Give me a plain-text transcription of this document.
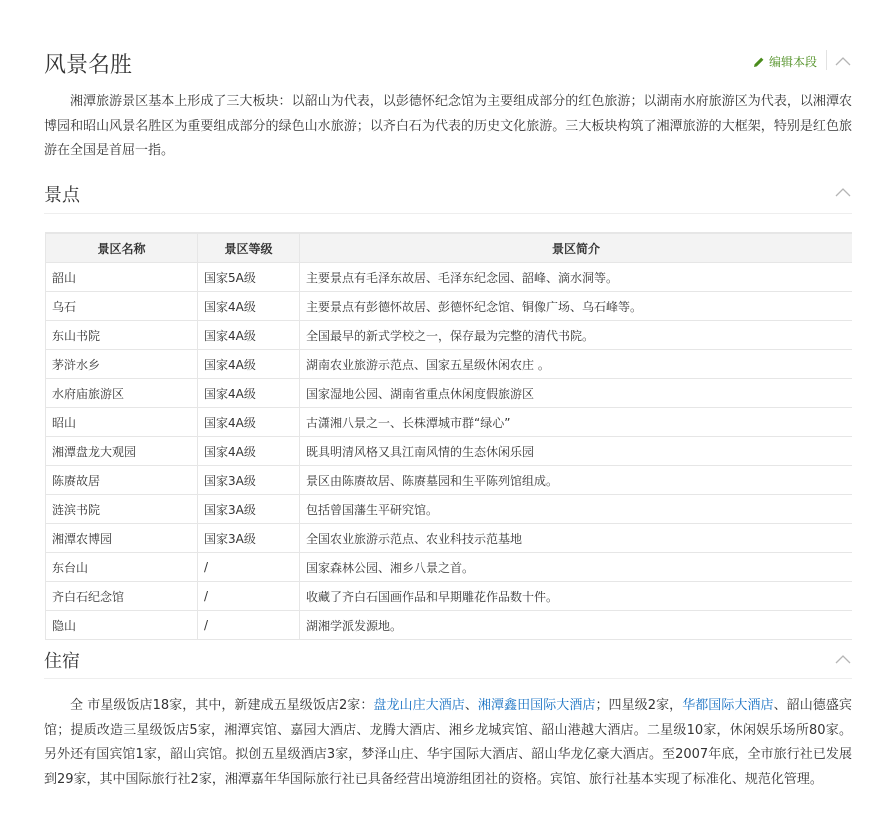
风景名胜	编辑本段

湘潭旅游景区基本上形成了三大板块：以韶山为代表，以彭德怀纪念馆为主要组成部分的红色旅游；以湖南水府旅游区为代表，以湘潭农博园和昭山风景名胜区为重要组成部分的绿色山水旅游；以齐白石为代表的历史文化旅游。三大板块构筑了湘潭旅游的大框架，特别是红色旅游在全国是首屈一指。

景点
景区名称	景区等级	景区简介
韶山	国家5A级	主要景点有毛泽东故居、毛泽东纪念园、韶峰、滴水洞等。
乌石	国家4A级	主要景点有彭德怀故居、彭德怀纪念馆、铜像广场、乌石峰等。
东山书院	国家4A级	全国最早的新式学校之一，保存最为完整的清代书院。
茅浒水乡	国家4A级	湖南农业旅游示范点、国家五星级休闲农庄 。
水府庙旅游区	国家4A级	国家湿地公园、湖南省重点休闲度假旅游区
昭山	国家4A级	古潇湘八景之一、长株潭城市群“绿心”
湘潭盘龙大观园	国家4A级	既具明清风格又具江南风情的生态休闲乐园
陈赓故居	国家3A级	景区由陈赓故居、陈赓墓园和生平陈列馆组成。
涟滨书院	国家3A级	包括曾国藩生平研究馆。
湘潭农博园	国家3A级	全国农业旅游示范点、农业科技示范基地
东台山	/	国家森林公园、湘乡八景之首。
齐白石纪念馆	/	收藏了齐白石国画作品和早期雕花作品数十件。
隐山	/	湖湘学派发源地。
住宿

全 市星级饭店18家，其中，新建成五星级饭店2家：盘龙山庄大酒店、湘潭鑫田国际大酒店；四星级2家，华都国际大酒店、韶山德盛宾馆；提质改造三星级饭店5家，湘潭宾馆、嘉园大酒店、龙腾大酒店、湘乡龙城宾馆、韶山港越大酒店。二星级10家，休闲娱乐场所80家。另外还有国宾馆1家，韶山宾馆。拟创五星级酒店3家，梦泽山庄、华宇国际大酒店、韶山华龙亿豪大酒店。至2007年底，全市旅行社已发展到29家，其中国际旅行社2家，湘潭嘉年华国际旅行社已具备经营出境游组团社的资格。宾馆、旅行社基本实现了标准化、规范化管理。
